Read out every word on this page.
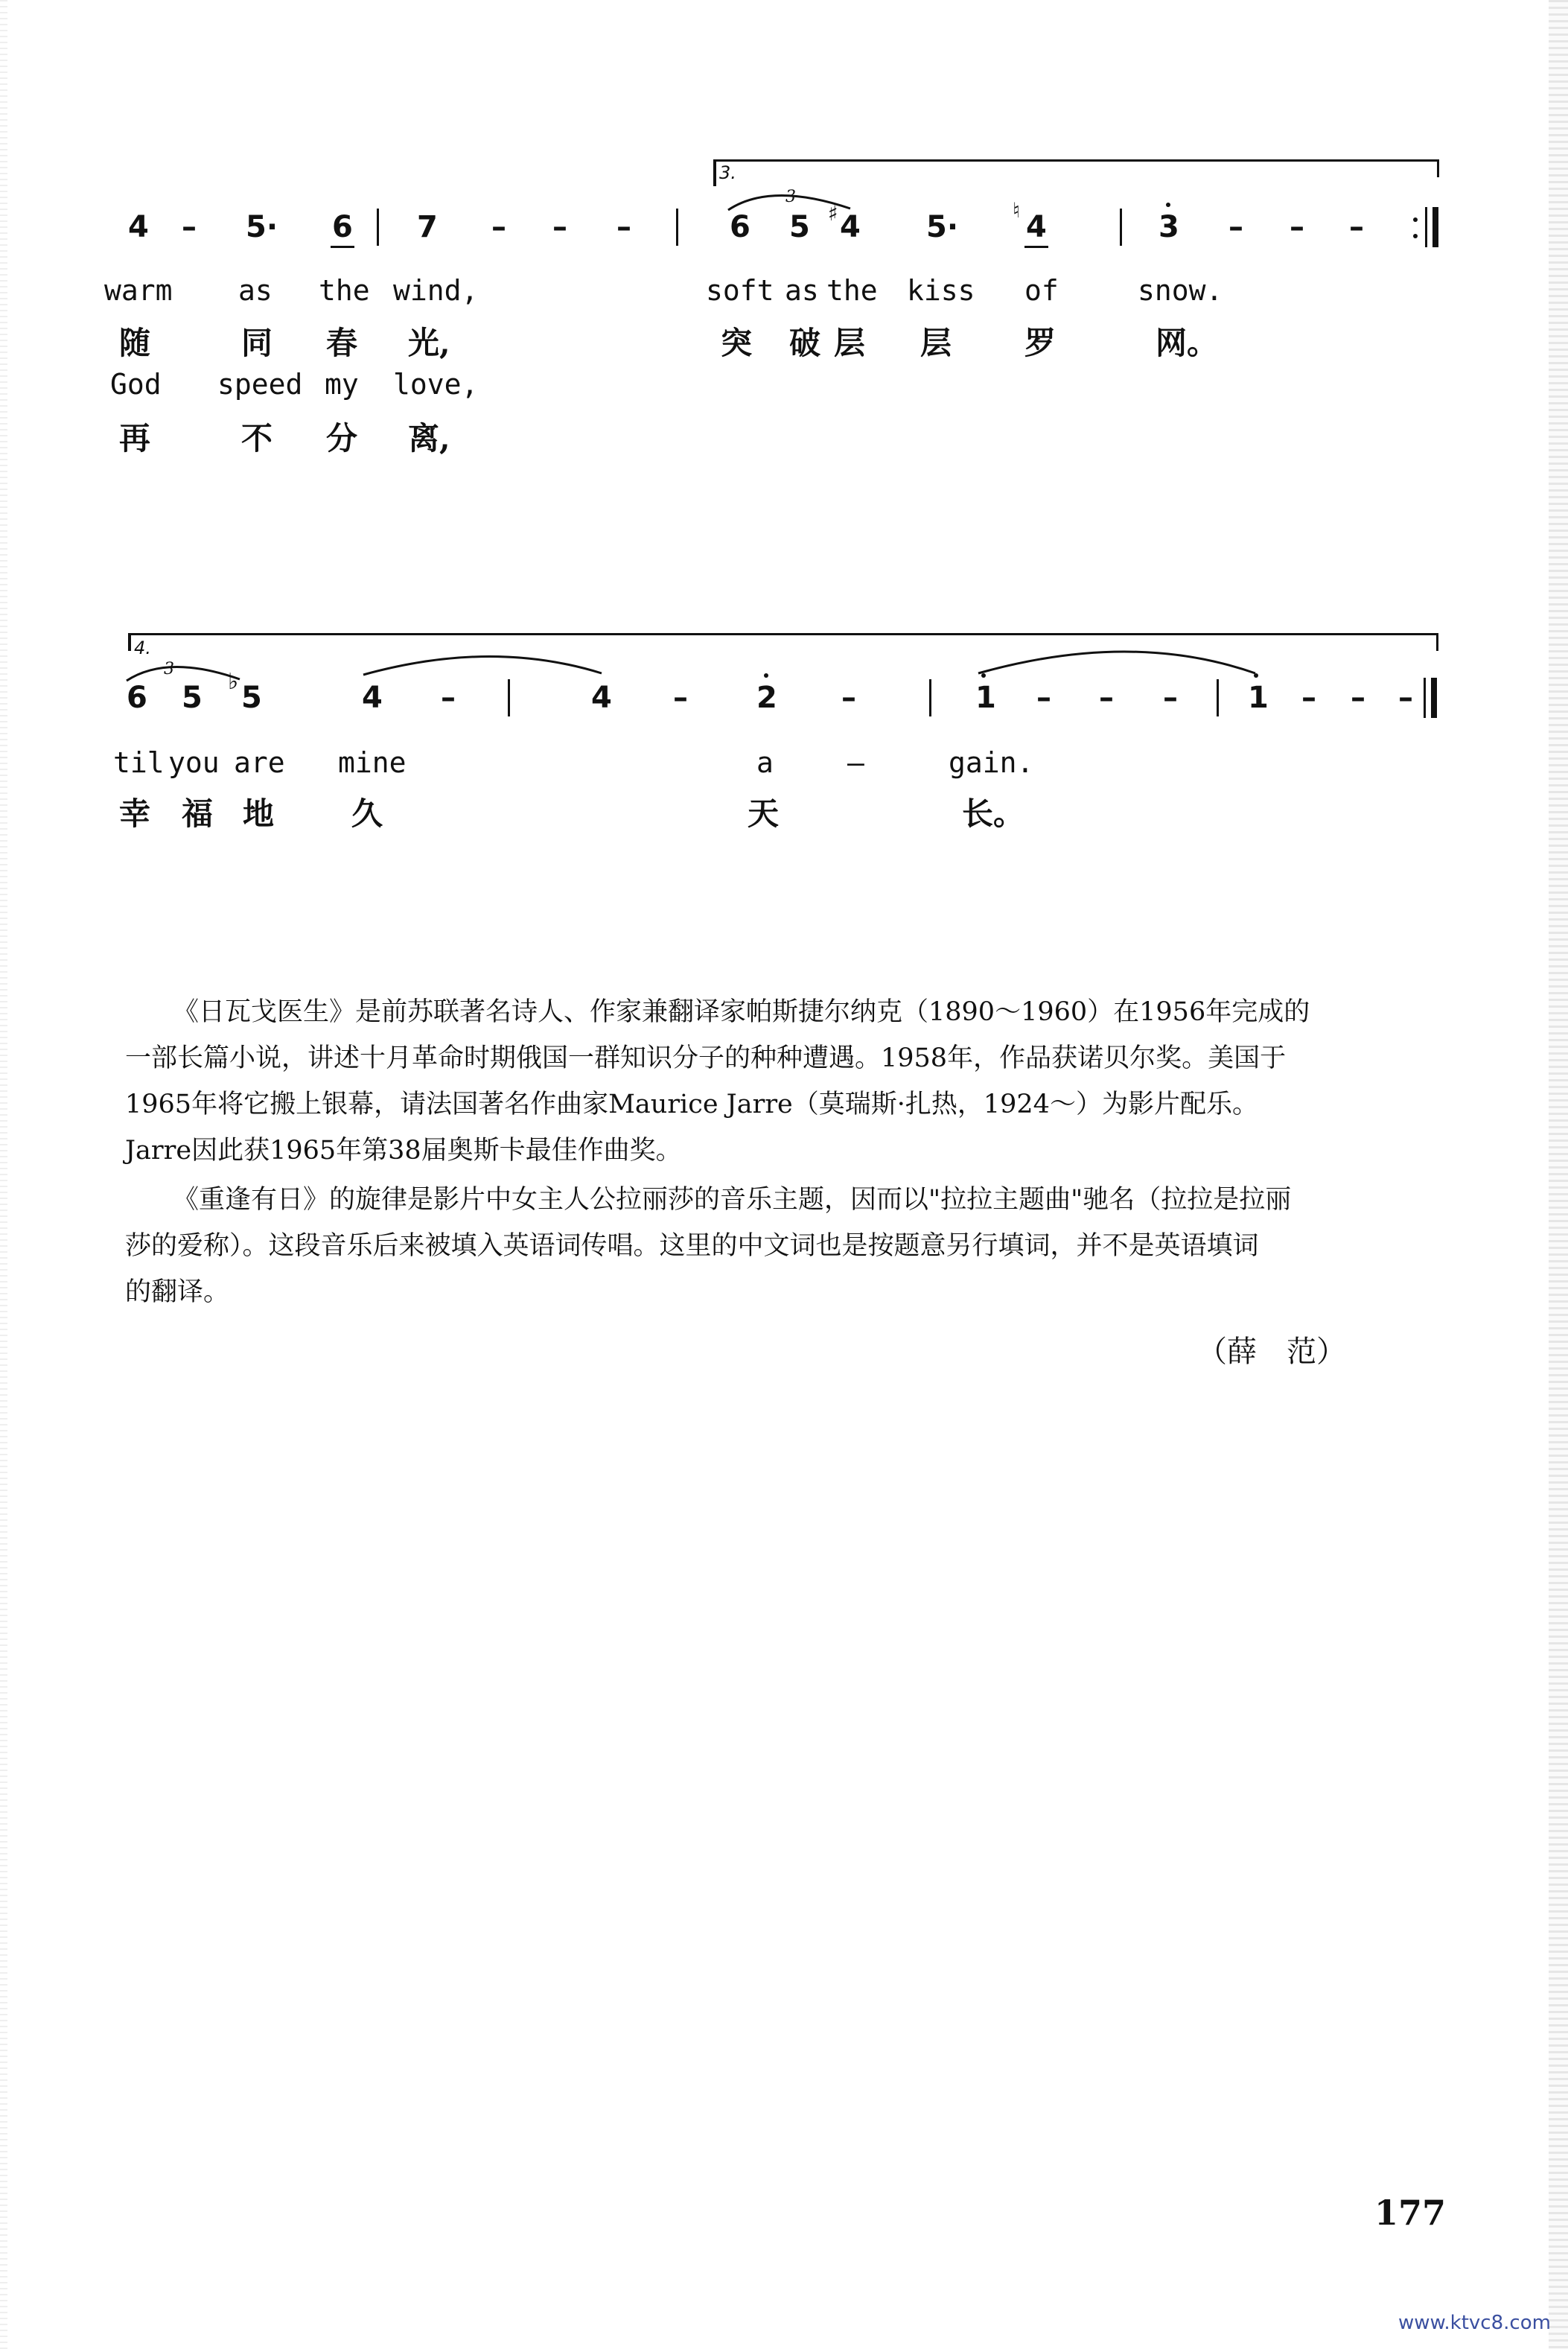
3.
4 – 5· 6 7 – – –
3
6 5 ♯ 4 5·	♮ 4	3 – – –
warm as the wind,	soft as the kiss of	snow.
随	同 春 光,	突 破 层 层 罗	网。
God speed my love,
再	不 分 离,
4.
3
6 5 ♭ 5	4 –	4 – 2 –	1 – – – 1 – – –
til you are mine	a	–	gain.
幸 福 地 久	天	长。
《日瓦戈医生》是前苏联著名诗人、作家兼翻译家帕斯捷尔纳克（1890～1960）在1956年完成的
一部长篇小说，讲述十月革命时期俄国一群知识分子的种种遭遇。1958年，作品获诺贝尔奖。美国于
1965年将它搬上银幕，请法国著名作曲家Maurice Jarre（莫瑞斯·扎热，1924～）为影片配乐。
Jarre因此获1965年第38届奥斯卡最佳作曲奖。
《重逢有日》的旋律是影片中女主人公拉丽莎的音乐主题，因而以"拉拉主题曲"驰名（拉拉是拉丽
莎的爱称）。这段音乐后来被填入英语词传唱。这里的中文词也是按题意另行填词，并不是英语填词
的翻译。
（薛　范）
177
www.ktvc8.com
